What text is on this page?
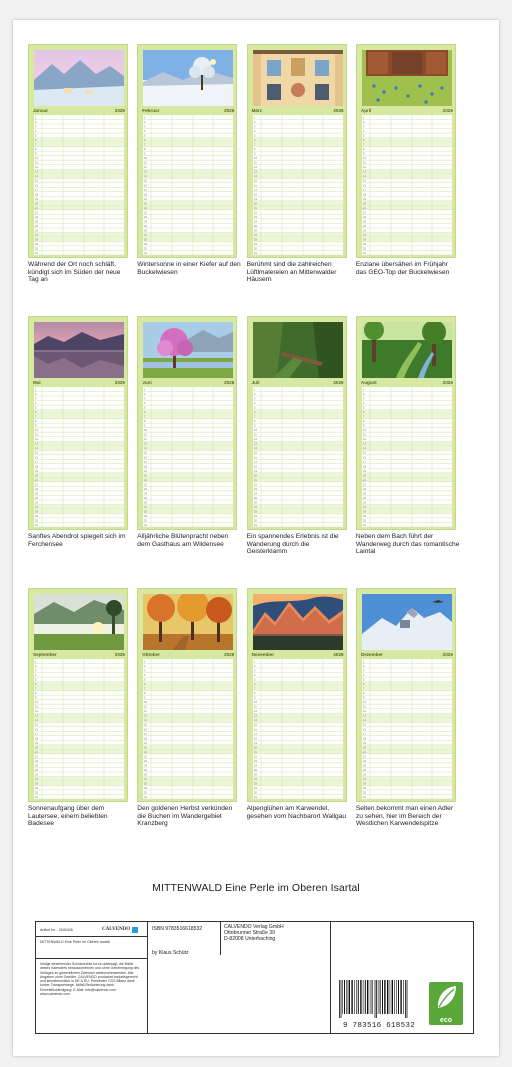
Januar	2026
1
2
3
4
5
6
7
8
9
10
11
12
13
14
15
16
17
18
19
20
21
22
23
24
25
26
27
28
29
30
31
Während der Ort noch schläft, kündigt sich im Süden der neue Tag an
Februar	2026
1
2
3
4
5
6
7
8
9
10
11
12
13
14
15
16
17
18
19
20
21
22
23
24
25
26
27
28
29
30
31
Wintersonne in einer Kiefer auf den Buckelwiesen
März	2026
1
2
3
4
5
6
7
8
9
10
11
12
13
14
15
16
17
18
19
20
21
22
23
24
25
26
27
28
29
30
31
Berühmt sind die zahlreichen Lüftlmalereien an Mittenwalder Häusern
April	2026
1
2
3
4
5
6
7
8
9
10
11
12
13
14
15
16
17
18
19
20
21
22
23
24
25
26
27
28
29
30
31
Enziane übersähen im Frühjahr das GEO-Top der Buckelwiesen
Mai	2026
1
2
3
4
5
6
7
8
9
10
11
12
13
14
15
16
17
18
19
20
21
22
23
24
25
26
27
28
29
30
31
Sanftes Abendrot spiegelt sich im Ferchensee
Juni	2026
1
2
3
4
5
6
7
8
9
10
11
12
13
14
15
16
17
18
19
20
21
22
23
24
25
26
27
28
29
30
31
Alljährliche Blütenpracht neben dem Gasthaus am Wildensee
Juli	2026
1
2
3
4
5
6
7
8
9
10
11
12
13
14
15
16
17
18
19
20
21
22
23
24
25
26
27
28
29
30
31
Ein spannendes Erlebnis ist die Wanderung durch die Geisterklamm
August	2026
1
2
3
4
5
6
7
8
9
10
11
12
13
14
15
16
17
18
19
20
21
22
23
24
25
26
27
28
29
30
31
Neben dem Bach führt der Wanderweg durch das romantische Laintal
September	2026
1
2
3
4
5
6
7
8
9
10
11
12
13
14
15
16
17
18
19
20
21
22
23
24
25
26
27
28
29
30
31
Sonnenaufgang über dem Lautersee, einem beliebten Badesee
Oktober	2026
1
2
3
4
5
6
7
8
9
10
11
12
13
14
15
16
17
18
19
20
21
22
23
24
25
26
27
28
29
30
31
Den goldenen Herbst verkünden die Buchen im Wandergebiet Kranzberg
November	2026
1
2
3
4
5
6
7
8
9
10
11
12
13
14
15
16
17
18
19
20
21
22
23
24
25
26
27
28
29
30
31
Alpenglühen am Karwendel, gesehen vom Nachbarort Wallgau
Dezember	2026
1
2
3
4
5
6
7
8
9
10
11
12
13
14
15
16
17
18
19
20
21
22
23
24
25
26
27
28
29
30
31
Selten bekommt man einen Adler zu sehen, hier im Bereich der Westlichen Karwendelspitze
MITTENWALD Eine Perle im Oberen Isartal
Artikel-Nr. 2040426	CALVENDO
MITTENWALD Eine Perle im Oberen Isartal
Infolge bestehender Schutzrechte ist es untersagt, die Bilder dieses Kalenders herauszutrennen und ohne Genehmigung des Verlages zu gewerblichen Zwecken weiterzuverwenden. Alle Angaben ohne Gewähr. CALVENDO produziert bedarfsgerecht und klimafreundlich in DE & EU. Preisindex CO2-Bilanz dank kurzer Transportwege. Abfall-Reduzierung dank Einzelstückfertigung. E-Mail: info@calvendo.com · www.calvendo.com
ISBN 9783516618532	CALVENDO Verlag GmbH
Ottobrunner Straße 39
D-82008 Unterhaching
by Klaus Schütz
9 783516 618532
eco
